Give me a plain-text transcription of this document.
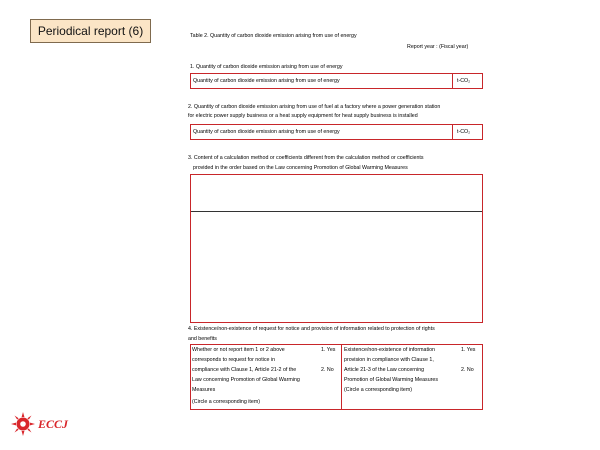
Periodical report (6)	Table 2. Quantity of carbon dioxide emission arising from use of energy
Report year : (Fiscal year)
1. Quantity of carbon dioxide emission arising from use of energy
Quantity of carbon dioxide emission arising from use of energy	t-CO₂
2. Quantity of carbon dioxide emission arising from use of fuel at a factory where a power generation station
for electric power supply business or a heat supply equipment for heat supply business is installed
Quantity of carbon dioxide emission arising from use of energy	t-CO₂
3. Content of a calculation method or coefficients different from the calculation method or coefficients
provided in the order based on the Law concerning Promotion of Global Warming Measures
4. Existence/non-existence of request for notice and provision of information related to protection of rights
and benefits
Whether or not report item 1 or 2 above
corresponds to request for notice in
compliance with Clause 1, Article 21-2 of the
Law concerning Promotion of Global Warming
Measures
(Circle a corresponding item)
1. Yes
2. No
Existence/non-existence of information
provision in compliance with Clause 1,
Article 21-3 of the Law concerning
Promotion of Global Warming Measures
(Circle a corresponding item)
1. Yes
2. No
ECCJ
